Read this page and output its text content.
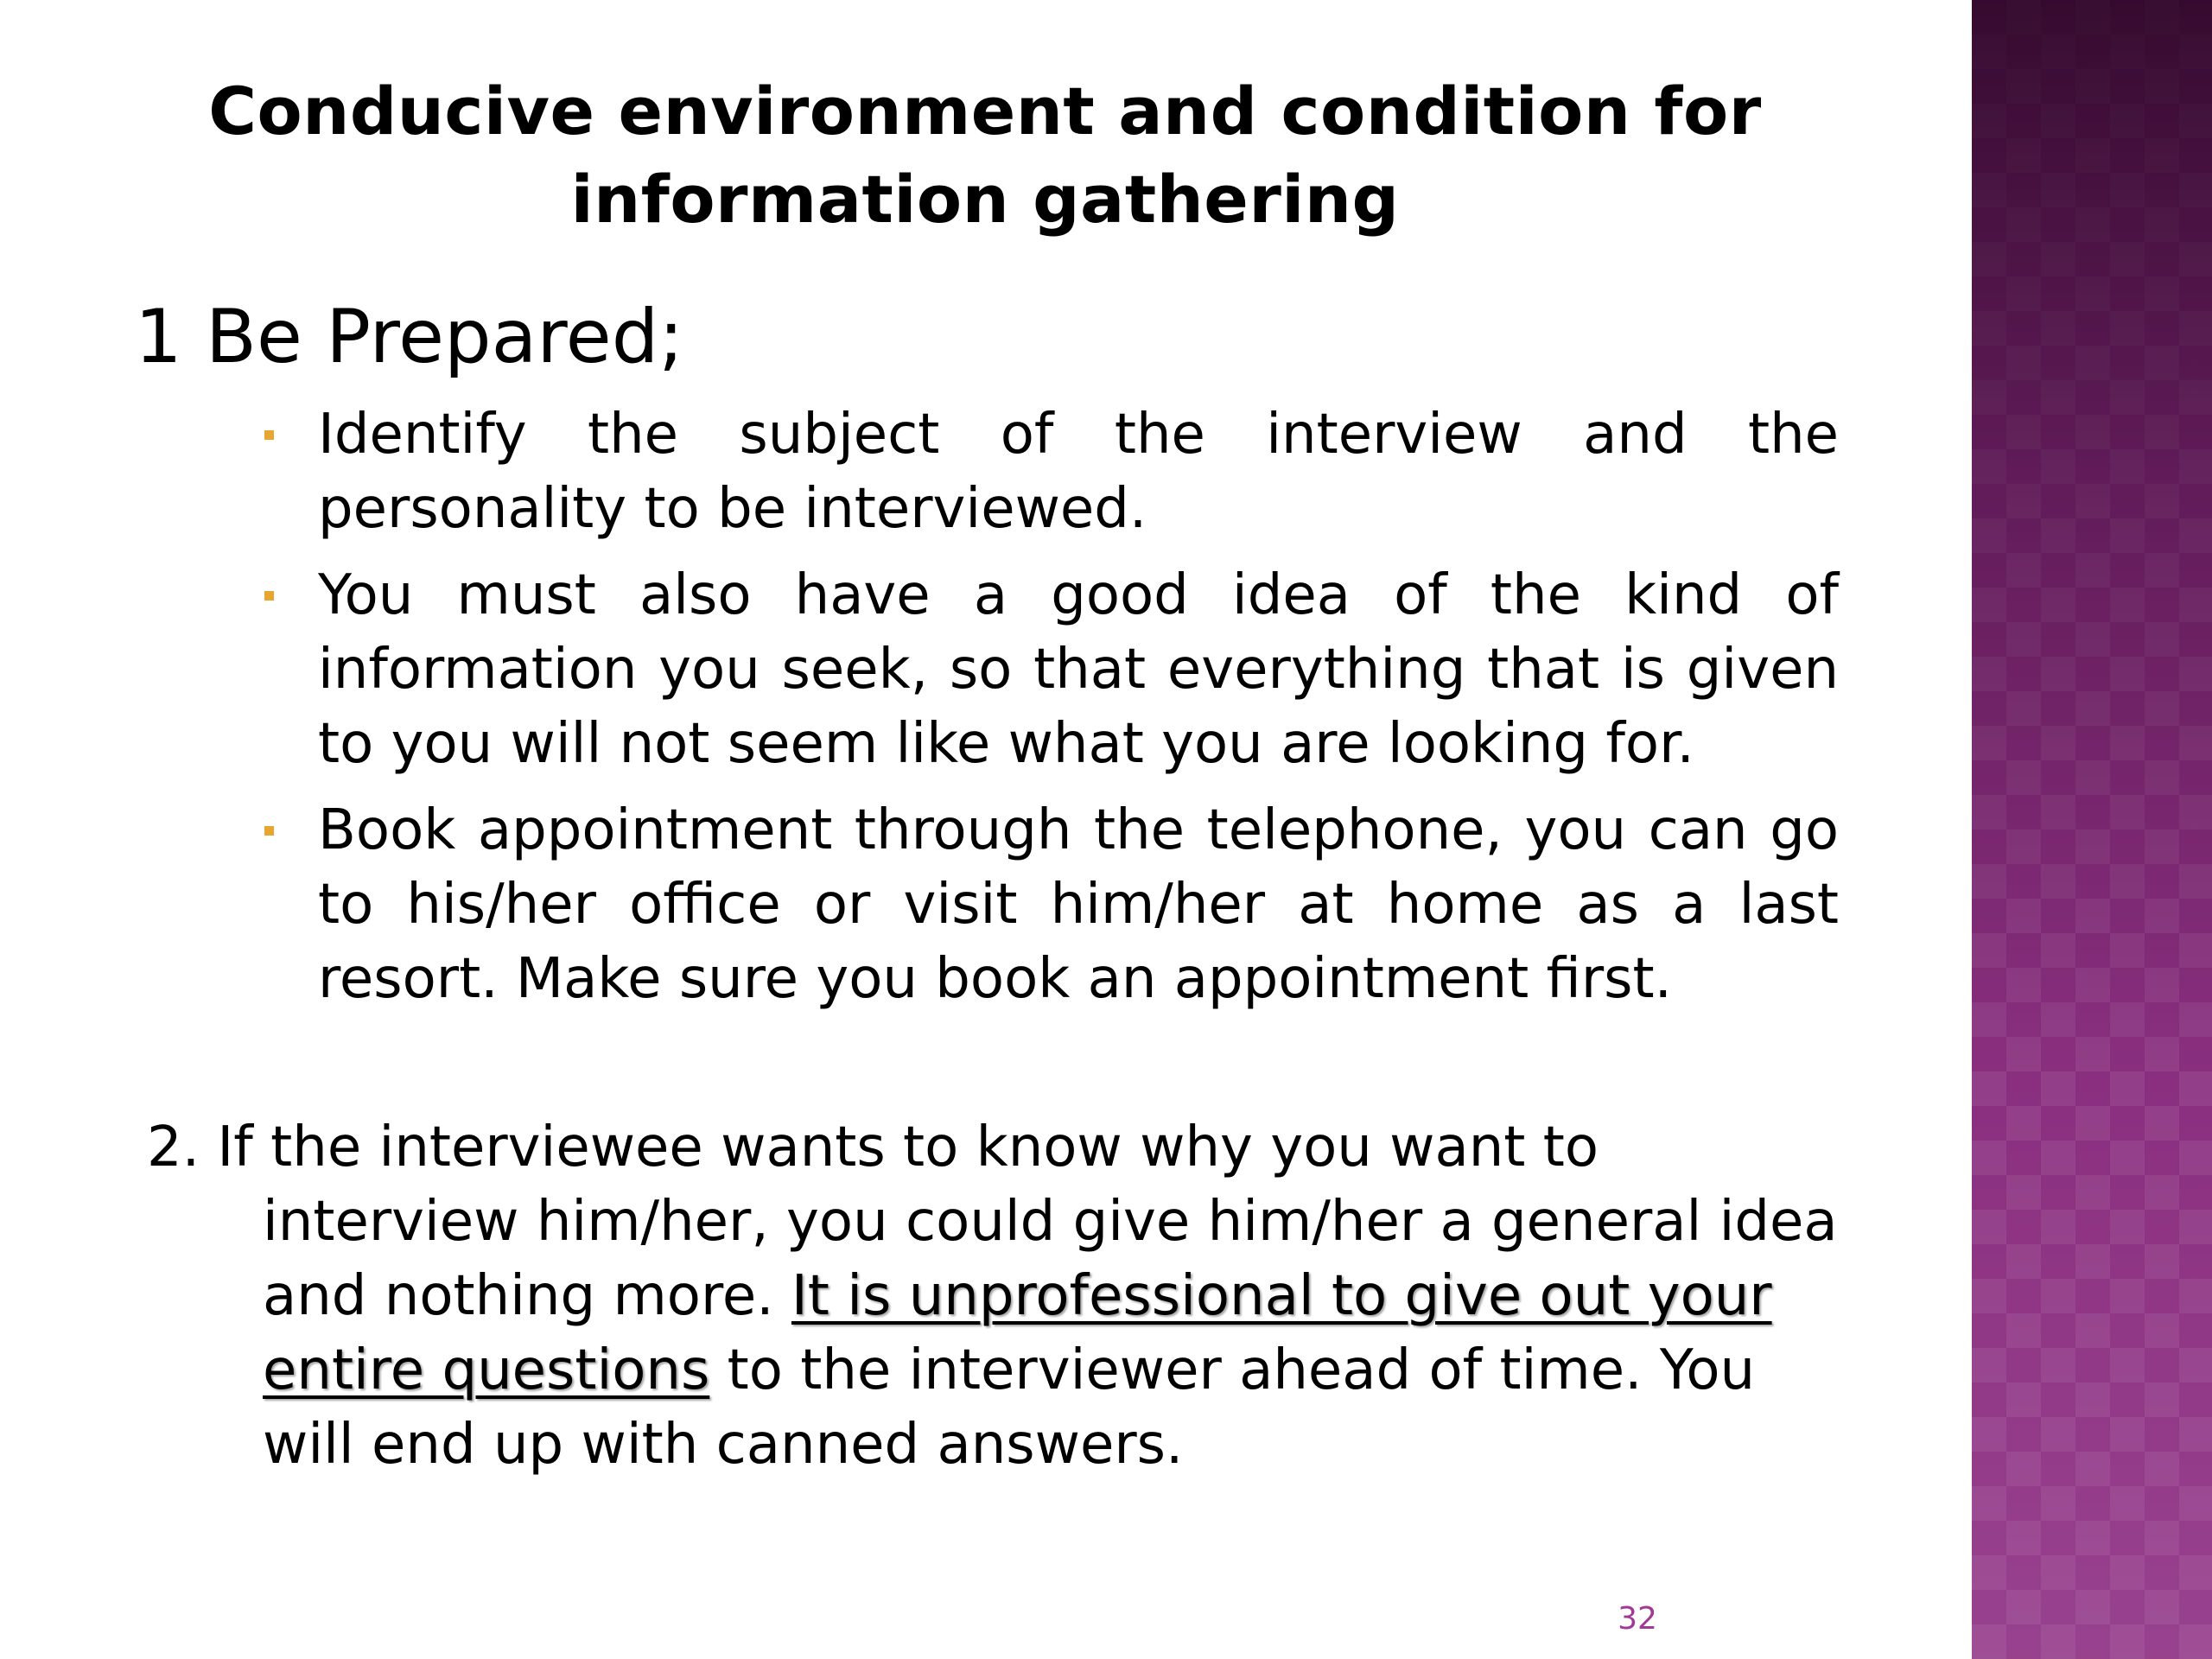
Conducive environment and condition for
information gathering
1 Be Prepared;
Identify the subject of the interview and the personality to be interviewed.
You must also have a good idea of the kind of information you seek, so that everything that is given to you will not seem like what you are looking for.
Book appointment through the telephone, you can go to his/her office or visit him/her at home as a last resort. Make sure you book an appointment first.
2. If the interviewee wants to know why you want to
interview him/her, you could give him/her a general idea and nothing more. It is unprofessional to give out your entire questions to the interviewer ahead of time. You will end up with canned answers.
32
